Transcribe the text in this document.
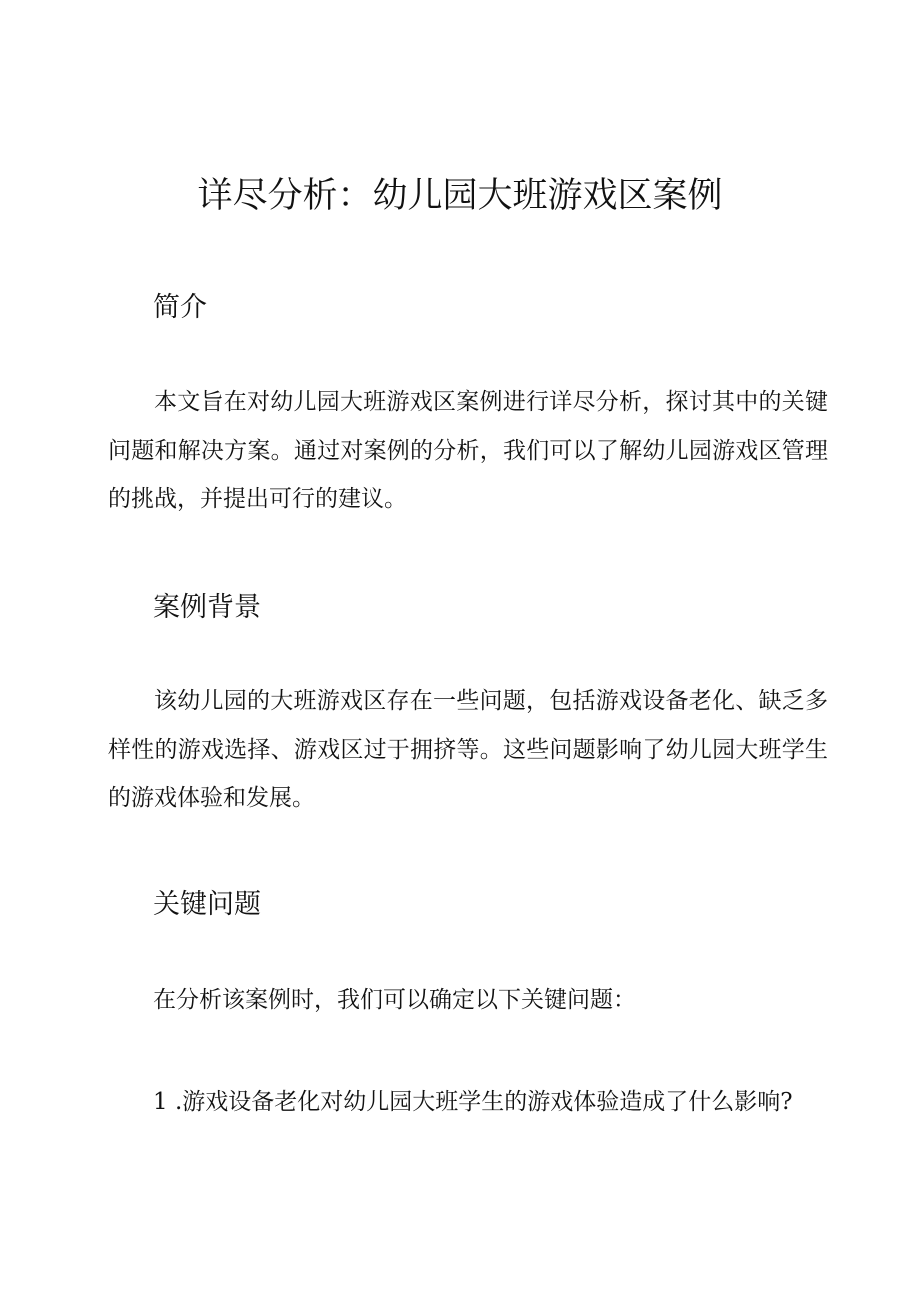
详尽分析：幼儿园大班游戏区案例
简介

本文旨在对幼儿园大班游戏区案例进行详尽分析，探讨其中的关键问题和解决方案。通过对案例的分析，我们可以了解幼儿园游戏区管理的挑战，并提出可行的建议。

案例背景

该幼儿园的大班游戏区存在一些问题，包括游戏设备老化、缺乏多样性的游戏选择、游戏区过于拥挤等。这些问题影响了幼儿园大班学生的游戏体验和发展。

关键问题

在分析该案例时，我们可以确定以下关键问题：

1 .游戏设备老化对幼儿园大班学生的游戏体验造成了什么影响?
